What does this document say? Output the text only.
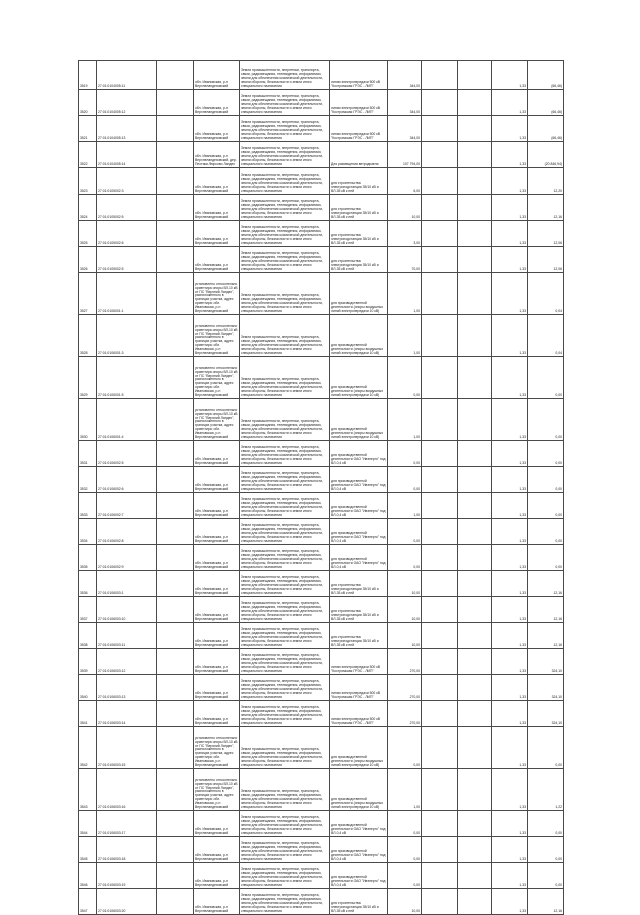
3519	27:01:0104005:11		обл. Ивановская, р-н Верхнеландеховский	Земли промышленности, энергетики, транспорта, связи, радиовещания, телевидения, информатики, земли для обеспечения космической деятельности, земли обороны, безопасности и земли иного специального назначения	линии электропередачи 500 кВ "Костромская ГРЭС - ЛИП"	344,00			1,33	(66,46)
3520	27:01:0104005:12		обл. Ивановская, р-н Верхнеландеховский	Земли промышленности, энергетики, транспорта, связи, радиовещания, телевидения, информатики, земли для обеспечения космической деятельности, земли обороны, безопасности и земли иного специального назначения	линии электропередачи 500 кВ "Костромская ГРЭС - ЛИП"	344,00			1,33	(66,46)
3521	27:01:0104005:13		обл. Ивановская, р-н Верхнеландеховский	Земли промышленности, энергетики, транспорта, связи, радиовещания, телевидения, информатики, земли для обеспечения космической деятельности, земли обороны, безопасности и земли иного специального назначения	линии электропередачи 500 кВ "Костромская ГРЭС - ЛИП"	344,00			1,33	(66,46)
3522	27:01:0104005:14		обл. Ивановская, р-н Верхнеландеховский, дер. Пестяки-Фирсово Ландех	Земли промышленности, энергетики, транспорта, связи, радиовещания, телевидения, информатики, земли для обеспечения космической деятельности, земли обороны, безопасности и земли иного специального назначения	Для размещения ветродизеля	107 794,00			1,33	(20 846,94)
3523	27:01:0105002:3		обл. Ивановская, р-н Верхнеландеховский	Земли промышленности, энергетики, транспорта, связи, радиовещания, телевидения, информатики, земли для обеспечения космической деятельности, земли обороны, безопасности и земли иного специального назначения	для строительства электроподстанции 35/10 кВ и ВЛ-35 кВ к ней	6,00			1,33	12,20
3524	27:01:0105002:5		обл. Ивановская, р-н Верхнеландеховский	Земли промышленности, энергетики, транспорта, связи, радиовещания, телевидения, информатики, земли для обеспечения космической деятельности, земли обороны, безопасности и земли иного специального назначения	для строительства электроподстанции 35/10 кВ и ВЛ-35 кВ к ней	10,00			1,33	12,16
3525	27:01:0105002:6		обл. Ивановская, р-н Верхнеландеховский	Земли промышленности, энергетики, транспорта, связи, радиовещания, телевидения, информатики, земли для обеспечения космической деятельности, земли обороны, безопасности и земли иного специального назначения	для строительства электроподстанции 35/10 кВ и ВЛ-35 кВ к ней	3,00			1,33	12,06
3526	27:01:0105002:5		обл. Ивановская, р-н Верхнеландеховский	Земли промышленности, энергетики, транспорта, связи, радиовещания, телевидения, информатики, земли для обеспечения космической деятельности, земли обороны, безопасности и земли иного специального назначения	для строительства электроподстанции 35/10 кВ и ВЛ-35 кВ к ней	70,00			1,33	12,06
3527	27:01:0106001:1		установлено относительно ориентира опоры ВЛ-10 кВ от ПС "Верхний Ландех", расположенного в границах участка, адрес ориентира: обл. Ивановская, р-н Верхнеландеховский	Земли промышленности, энергетики, транспорта, связи, радиовещания, телевидения, информатики, земли для обеспечения космической деятельности, земли обороны, безопасности и земли иного специального назначения	для производственной деятельности (опоры воздушных линий электропередачи 10 кВ)	1,00			1,33	0,04
3528	27:01:0106001:3		установлено относительно ориентира опоры ВЛ-10 кВ от ПС "Верхний Ландех", расположенного в границах участка, адрес ориентира: обл. Ивановская, р-н Верхнеландеховский	Земли промышленности, энергетики, транспорта, связи, радиовещания, телевидения, информатики, земли для обеспечения космической деятельности, земли обороны, безопасности и земли иного специального назначения	для производственной деятельности (опоры воздушных линий электропередачи 10 кВ)	1,00			1,33	0,04
3529	27:01:0106001:5		установлено относительно ориентира опоры ВЛ-10 кВ от ПС "Верхний Ландех", расположенного в границах участка, адрес ориентира: обл. Ивановская, р-н Верхнеландеховский	Земли промышленности, энергетики, транспорта, связи, радиовещания, телевидения, информатики, земли для обеспечения космической деятельности, земли обороны, безопасности и земли иного специального назначения	для производственной деятельности (опоры воздушных линий электропередачи 10 кВ)	0,00			1,33	0,00
3530	27:01:0106001:4		установлено относительно ориентира опоры ВЛ-10 кВ от ПС "Верхний Ландех", расположенного в границах участка, адрес ориентира: обл. Ивановская, р-н Верхнеландеховский	Земли промышленности, энергетики, транспорта, связи, радиовещания, телевидения, информатики, земли для обеспечения космической деятельности, земли обороны, безопасности и земли иного специального назначения	для производственной деятельности (опоры воздушных линий электропередачи 10 кВ)	1,00			1,33	0,00
3531	27:01:0106002:5		обл. Ивановская, р-н Верхнеландеховский	Земли промышленности, энергетики, транспорта, связи, радиовещания, телевидения, информатики, земли для обеспечения космической деятельности, земли обороны, безопасности и земли иного специального назначения	для производственной деятельности ОАО "Ивэнерго" под ВЛ-0,4 кВ	0,00			1,33	0,00
3532	27:01:0106002:6		обл. Ивановская, р-н Верхнеландеховский	Земли промышленности, энергетики, транспорта, связи, радиовещания, телевидения, информатики, земли для обеспечения космической деятельности, земли обороны, безопасности и земли иного специального назначения	для производственной деятельности ОАО "Ивэнерго" под ВЛ-0,4 кВ	0,00			1,33	0,00
3533	27:01:0106002:7		обл. Ивановская, р-н Верхнеландеховский	Земли промышленности, энергетики, транспорта, связи, радиовещания, телевидения, информатики, земли для обеспечения космической деятельности, земли обороны, безопасности и земли иного специального назначения	для производственной деятельности ОАО "Ивэнерго" под ВЛ-0,4 кВ	1,00			1,33	0,00
3534	27:01:0106002:8		обл. Ивановская, р-н Верхнеландеховский	Земли промышленности, энергетики, транспорта, связи, радиовещания, телевидения, информатики, земли для обеспечения космической деятельности, земли обороны, безопасности и земли иного специального назначения	для производственной деятельности ОАО "Ивэнерго" под ВЛ-0,4 кВ	0,00			1,33	0,00
3535	27:01:0106002:9		обл. Ивановская, р-н Верхнеландеховский	Земли промышленности, энергетики, транспорта, связи, радиовещания, телевидения, информатики, земли для обеспечения космической деятельности, земли обороны, безопасности и земли иного специального назначения	для производственной деятельности ОАО "Ивэнерго" под ВЛ-0,4 кВ	0,00			1,33	0,00
3536	27:01:0106003:1		обл. Ивановская, р-н Верхнеландеховский	Земли промышленности, энергетики, транспорта, связи, радиовещания, телевидения, информатики, земли для обеспечения космической деятельности, земли обороны, безопасности и земли иного специального назначения	для строительства электроподстанции 35/10 кВ и ВЛ-35 кВ к ней	10,00			1,33	12,16
3537	27:01:0106003:10		обл. Ивановская, р-н Верхнеландеховский	Земли промышленности, энергетики, транспорта, связи, радиовещания, телевидения, информатики, земли для обеспечения космической деятельности, земли обороны, безопасности и земли иного специального назначения	для строительства электроподстанции 35/10 кВ и ВЛ-35 кВ к ней	10,00			1,33	12,16
3538	27:01:0106003:11		обл. Ивановская, р-н Верхнеландеховский	Земли промышленности, энергетики, транспорта, связи, радиовещания, телевидения, информатики, земли для обеспечения космической деятельности, земли обороны, безопасности и земли иного специального назначения	для строительства электроподстанции 35/10 кВ и ВЛ-35 кВ к ней	10,00			1,33	12,16
3539	27:01:0106003:12		обл. Ивановская, р-н Верхнеландеховский	Земли промышленности, энергетики, транспорта, связи, радиовещания, телевидения, информатики, земли для обеспечения космической деятельности, земли обороны, безопасности и земли иного специального назначения	линии электропередачи 500 кВ "Костромская ГРЭС - ЛИП"	270,00			1,33	324,10
3540	27:01:0106003:13		обл. Ивановская, р-н Верхнеландеховский	Земли промышленности, энергетики, транспорта, связи, радиовещания, телевидения, информатики, земли для обеспечения космической деятельности, земли обороны, безопасности и земли иного специального назначения	линии электропередачи 500 кВ "Костромская ГРЭС - ЛИП"	270,00			1,33	324,10
3541	27:01:0106003:14		обл. Ивановская, р-н Верхнеландеховский	Земли промышленности, энергетики, транспорта, связи, радиовещания, телевидения, информатики, земли для обеспечения космической деятельности, земли обороны, безопасности и земли иного специального назначения	линии электропередачи 500 кВ "Костромская ГРЭС - ЛИП"	270,00			1,33	324,10
3542	27:01:0106003:15		установлено относительно ориентира опоры ВЛ-10 кВ от ПС "Верхний Ландех", расположенного в границах участка, адрес ориентира: обл. Ивановская, р-н Верхнеландеховский	Земли промышленности, энергетики, транспорта, связи, радиовещания, телевидения, информатики, земли для обеспечения космической деятельности, земли обороны, безопасности и земли иного специального назначения	для производственной деятельности (опоры воздушных линий электропередачи 10 кВ)	0,00			1,33	0,00
3543	27:01:0106003:16		установлено относительно ориентира опоры ВЛ-10 кВ от ПС "Верхний Ландех", расположенного в границах участка, адрес ориентира: обл. Ивановская, р-н Верхнеландеховский	Земли промышленности, энергетики, транспорта, связи, радиовещания, телевидения, информатики, земли для обеспечения космической деятельности, земли обороны, безопасности и земли иного специального назначения	для производственной деятельности (опоры воздушных линий электропередачи 10 кВ)	1,00			1,33	1,22
3544	27:01:0106003:17		обл. Ивановская, р-н Верхнеландеховский	Земли промышленности, энергетики, транспорта, связи, радиовещания, телевидения, информатики, земли для обеспечения космической деятельности, земли обороны, безопасности и земли иного специального назначения	для производственной деятельности ОАО "Ивэнерго" под ВЛ-0,4 кВ	0,00			1,33	0,00
3545	27:01:0106003:18		обл. Ивановская, р-н Верхнеландеховский	Земли промышленности, энергетики, транспорта, связи, радиовещания, телевидения, информатики, земли для обеспечения космической деятельности, земли обороны, безопасности и земли иного специального назначения	для производственной деятельности ОАО "Ивэнерго" под ВЛ-0,4 кВ	0,00			1,33	0,00
3546	27:01:0106003:19		обл. Ивановская, р-н Верхнеландеховский	Земли промышленности, энергетики, транспорта, связи, радиовещания, телевидения, информатики, земли для обеспечения космической деятельности, земли обороны, безопасности и земли иного специального назначения	для производственной деятельности ОАО "Ивэнерго" под ВЛ-0,4 кВ	0,00			1,33	0,00
3547	27:01:0106003:20		обл. Ивановская, р-н Верхнеландеховский	Земли промышленности, энергетики, транспорта, связи, радиовещания, телевидения, информатики, земли для обеспечения космической деятельности, земли обороны, безопасности и земли иного специального назначения	для строительства электроподстанции 35/10 кВ и ВЛ-35 кВ к ней	10,00			1,33	12,16
